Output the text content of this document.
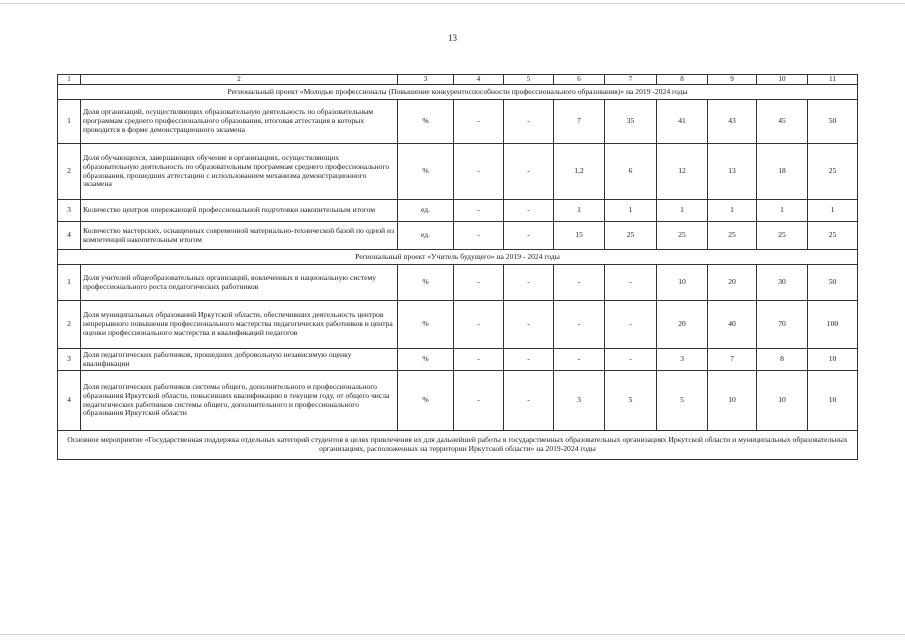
13
1	2	3	4	5	6	7	8	9	10	11
Региональный проект «Молодые профессионалы (Повышение конкурентоспособности профессионального образования)» на 2019 -2024 годы										
1	Доля организаций, осуществляющих образовательную деятельность по образовательным программам среднего профессионального образования, итоговая аттестация в которых проводится в форме демонстрационного экзамена	%	-	-	7	35	41	43	45	50
2	Доля обучающихся, завершающих обучение в организациях, осуществляющих образовательную деятельность по образовательным программам среднего профессионального образования, прошедших аттестацию с использованием механизма демонстрационного экзамена	%	-	-	1,2	6	12	13	18	25
3	Количество центров опережающей профессиональной подготовки накопительным итогом	ед.	-	-	1	1	1	1	1	1
4	Количество мастерских, оснащенных современной материально-технической базой по одной из компетенций накопительным итогом	ед.	-	-	15	25	25	25	25	25
Региональный проект «Учитель будущего» на 2019 - 2024 годы										
1	Доля учителей общеобразовательных организаций, вовлеченных в национальную систему профессионального роста педагогических работников	%	-	-	-	-	10	20	30	50
2	Доля муниципальных образований Иркутской области, обеспечивших деятельность центров непрерывного повышения профессионального мастерства педагогических работников и центра оценки профессионального мастерства и квалификаций педагогов	%	-	-	-	-	20	40	70	100
3	Доля педагогических работников, прошедших добровольную независимую оценку квалификации	%	-	-	-	-	3	7	8	10
4	Доля педагогических работников системы общего, дополнительного и профессионального образования Иркутской области, повысивших квалификацию в текущем году, от общего числа педагогических работников системы общего, дополнительного и профессионального образования Иркутской области	%	-	-	3	5	5	10	10	10
Основное мероприятие «Государственная поддержка отдельных категорий студентов в целях привлечения их для дальнейшей работы в государственных образовательных организациях Иркутской области и муниципальных образовательных организациях, расположенных на территории Иркутской области» на 2019-2024 годы										
